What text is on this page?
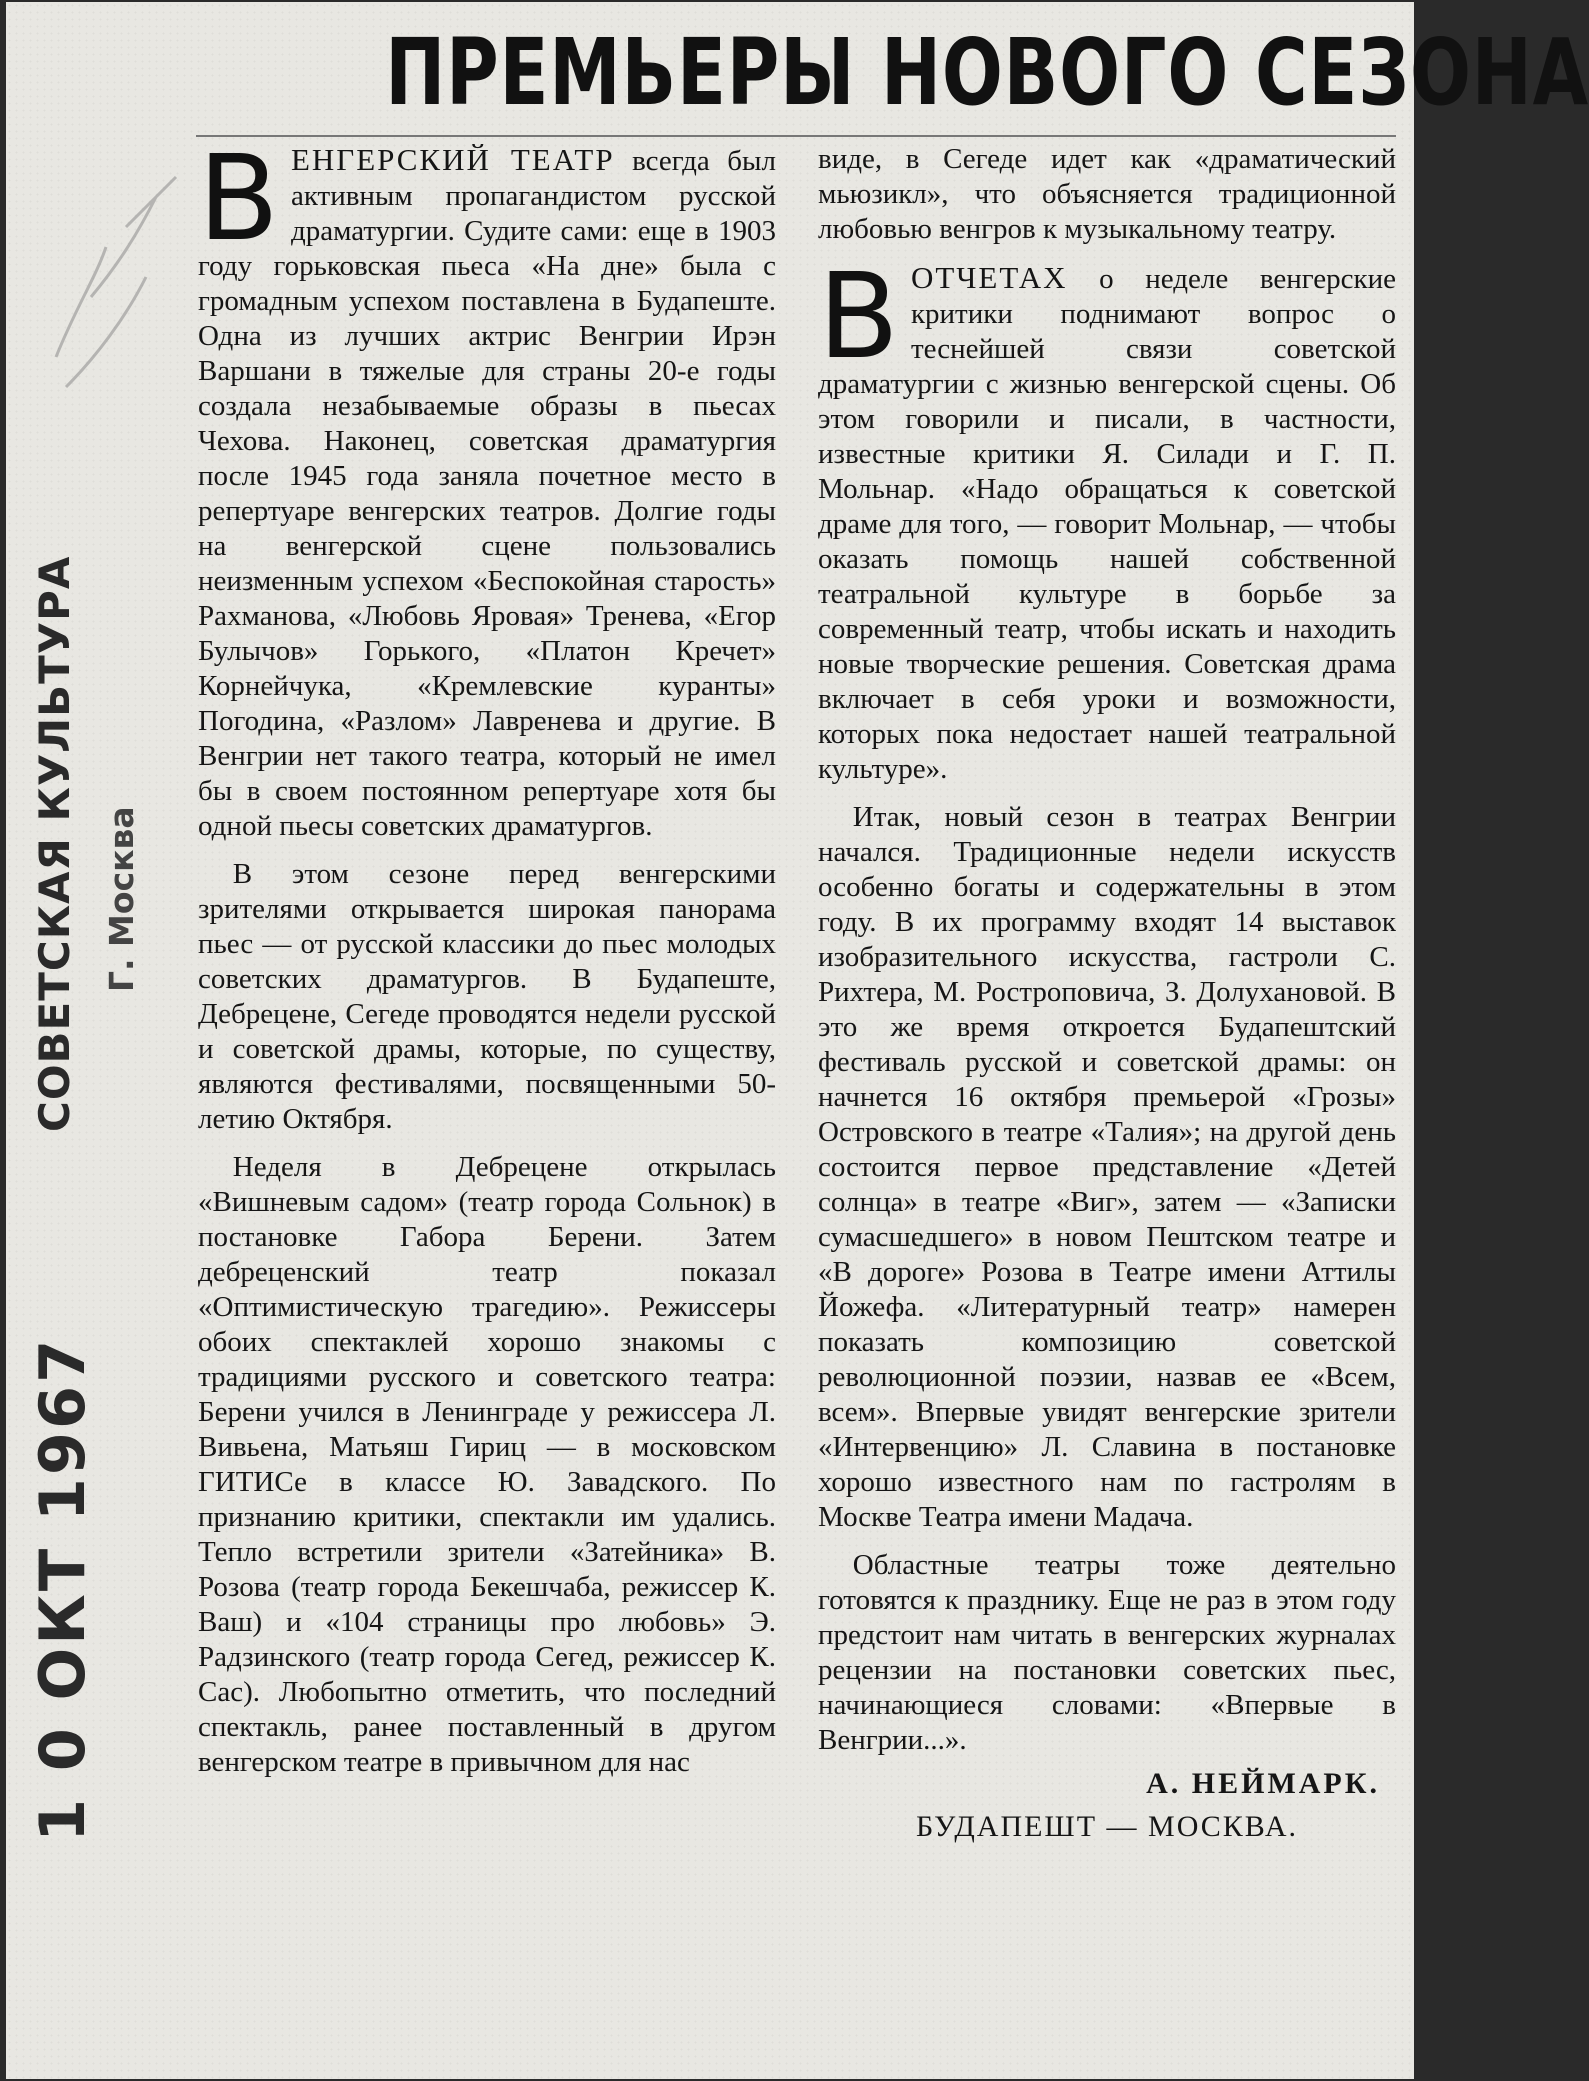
ПРЕМЬЕРЫ НОВОГО СЕЗОНА
СОВЕТСКАЯ КУЛЬТУРА Г. Москва
1 0 ОКТ 1967

ВЕНГЕРСКИЙ ТЕАТР всегда был активным пропагандистом русской драматургии. Судите сами: еще в 1903 году горьковская пьеса «На дне» была с громадным успехом поставлена в Будапеште. Одна из лучших актрис Венгрии Ирэн Варшани в тяжелые для страны 20-е годы создала незабываемые образы в пьесах Чехова. Наконец, советская драматургия после 1945 года заняла почетное место в репертуаре венгерских театров. Долгие годы на венгерской сцене пользовались неизменным успехом «Беспокойная старость» Рахманова, «Любовь Яровая» Тренева, «Егор Булычов» Горького, «Платон Кречет» Корнейчука, «Кремлевские куранты» Погодина, «Разлом» Лавренева и другие. В Венгрии нет такого театра, который не имел бы в своем постоянном репертуаре хотя бы одной пьесы советских драматургов.

В этом сезоне перед венгерскими зрителями открывается широкая панорама пьес — от русской классики до пьес молодых советских драматургов. В Будапеште, Дебрецене, Сегеде проводятся недели русской и советской драмы, которые, по существу, являются фестивалями, посвященными 50-летию Октября.

Неделя в Дебрецене открылась «Вишневым садом» (театр города Сольнок) в постановке Габора Берени. Затем дебреценский театр показал «Оптимистическую трагедию». Режиссеры обоих спектаклей хорошо знакомы с традициями русского и советского театра: Берени учился в Ленинграде у режиссера Л. Вивьена, Матьяш Гириц — в московском ГИТИСе в классе Ю. Завадского. По признанию критики, спектакли им удались. Тепло встретили зрители «Затейника» В. Розова (театр города Бекешчаба, режиссер К. Ваш) и «104 страницы про любовь» Э. Радзинского (театр города Сегед, режиссер К. Сас). Любопытно отметить, что последний спектакль, ранее поставленный в другом венгерском театре в привычном для нас

виде, в Сегеде идет как «драматический мьюзикл», что объясняется традиционной любовью венгров к музыкальному театру.

ВОТЧЕТАХ о неделе венгерские критики поднимают вопрос о теснейшей связи советской драматургии с жизнью венгерской сцены. Об этом говорили и писали, в частности, известные критики Я. Силади и Г. П. Мольнар. «Надо обращаться к советской драме для того, — говорит Мольнар, — чтобы оказать помощь нашей собственной театральной культуре в борьбе за современный театр, чтобы искать и находить новые творческие решения. Советская драма включает в себя уроки и возможности, которых пока недостает нашей театральной культуре».

Итак, новый сезон в театрах Венгрии начался. Традиционные недели искусств особенно богаты и содержательны в этом году. В их программу входят 14 выставок изобразительного искусства, гастроли С. Рихтера, М. Ростроповича, З. Долухановой. В это же время откроется Будапештский фестиваль русской и советской драмы: он начнется 16 октября премьерой «Грозы» Островского в театре «Талия»; на другой день состоится первое представление «Детей солнца» в театре «Виг», затем — «Записки сумасшедшего» в новом Пештском театре и «В дороге» Розова в Театре имени Аттилы Йожефа. «Литературный театр» намерен показать композицию советской революционной поэзии, назвав ее «Всем, всем». Впервые увидят венгерские зрители «Интервенцию» Л. Славина в постановке хорошо известного нам по гастролям в Москве Театра имени Мадача.

Областные театры тоже деятельно готовятся к празднику. Еще не раз в этом году предстоит нам читать в венгерских журналах рецензии на постановки советских пьес, начинающиеся словами: «Впервые в Венгрии...».

А. НЕЙМАРК.
БУДАПЕШТ — МОСКВА.
